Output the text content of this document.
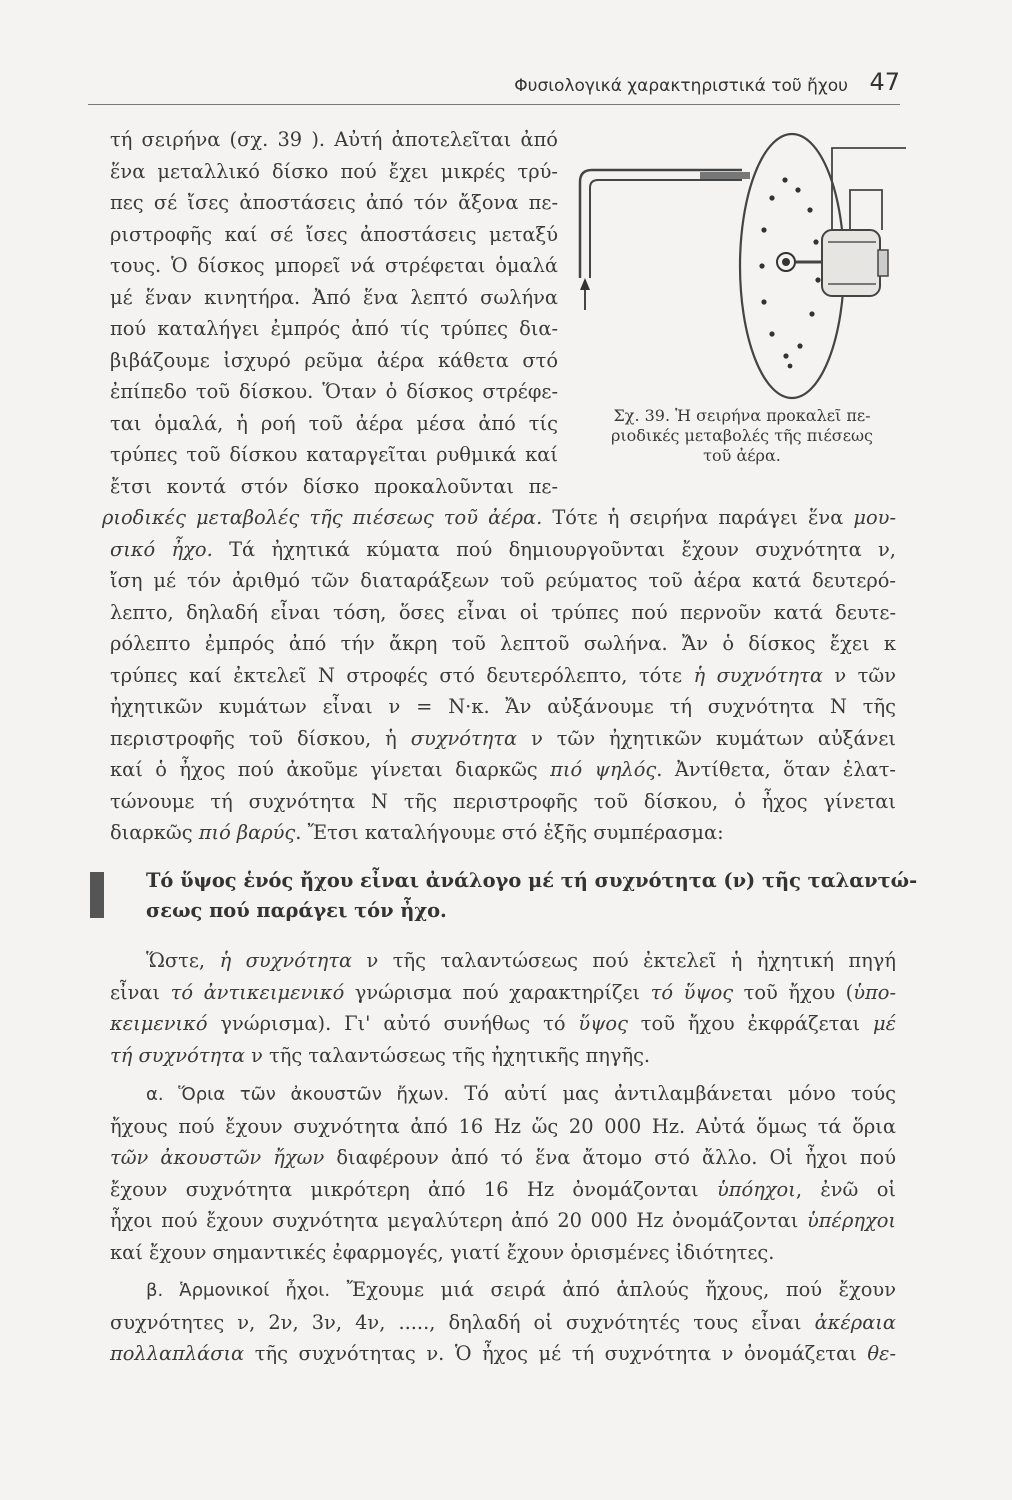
Φυσιολογικά χαρακτηριστικά τοῦ ἤχου 47
τή σειρήνα (σχ. 39 ). Αὐτή ἀποτελεῖται ἀπό
ἕνα μεταλλικό δίσκο πού ἔχει μικρές τρύ-
πες σέ ἴσες ἀποστάσεις ἀπό τόν ἄξονα πε-
ριστροφῆς καί σέ ἴσες ἀποστάσεις μεταξύ
τους. Ὁ δίσκος μπορεῖ νά στρέφεται ὁμαλά
μέ ἕναν κινητήρα. Ἀπό ἕνα λεπτό σωλήνα
πού καταλήγει ἐμπρός ἀπό τίς τρύπες δια-
βιβάζουμε ἰσχυρό ρεῦμα ἀέρα κάθετα στό
ἐπίπεδο τοῦ δίσκου. Ὅταν ὁ δίσκος στρέφε-
ται ὁμαλά, ἡ ροή τοῦ ἀέρα μέσα ἀπό τίς
τρύπες τοῦ δίσκου καταργεῖται ρυθμικά καί
ἔτσι κοντά στόν δίσκο προκαλοῦνται πε-
Σχ. 39. Ἡ σειρήνα προκαλεῖ πε-
ριοδικές μεταβολές τῆς πιέσεως
τοῦ ἀέρα.
ριοδικές μεταβολές τῆς πιέσεως τοῦ ἀέρα. Τότε ἡ σειρήνα παράγει ἕνα μου-
σικό ἦχο. Τά ἠχητικά κύματα πού δημιουργοῦνται ἔχουν συχνότητα ν,
ἴση μέ τόν ἀριθμό τῶν διαταράξεων τοῦ ρεύματος τοῦ ἀέρα κατά δευτερό-
λεπτο, δηλαδή εἶναι τόση, ὅσες εἶναι οἱ τρύπες πού περνοῦν κατά δευτε-
ρόλεπτο ἐμπρός ἀπό τήν ἄκρη τοῦ λεπτοῦ σωλήνα. Ἄν ὁ δίσκος ἔχει κ
τρύπες καί ἐκτελεῖ N στροφές στό δευτερόλεπτο, τότε ἡ συχνότητα ν τῶν
ἠχητικῶν κυμάτων εἶναι ν = N·κ. Ἄν αὐξάνουμε τή συχνότητα N τῆς
περιστροφῆς τοῦ δίσκου, ἡ συχνότητα ν τῶν ἠχητικῶν κυμάτων αὐξάνει
καί ὁ ἦχος πού ἀκοῦμε γίνεται διαρκῶς πιό ψηλός. Ἀντίθετα, ὅταν ἐλατ-
τώνουμε τή συχνότητα N τῆς περιστροφῆς τοῦ δίσκου, ὁ ἦχος γίνεται
διαρκῶς πιό βαρύς. Ἔτσι καταλήγουμε στό ἑξῆς συμπέρασμα:
Τό ὕψος ἑνός ἤχου εἶναι ἀνάλογο μέ τή συχνότητα (ν) τῆς ταλαντώ-
σεως πού παράγει τόν ἦχο.
Ὥστε, ἡ συχνότητα ν τῆς ταλαντώσεως πού ἐκτελεῖ ἡ ἠχητική πηγή
εἶναι τό ἀντικειμενικό γνώρισμα πού χαρακτηρίζει τό ὕψος τοῦ ἤχου (ὑπο-
κειμενικό γνώρισμα). Γι' αὐτό συνήθως τό ὕψος τοῦ ἤχου ἐκφράζεται μέ
τή συχνότητα ν τῆς ταλαντώσεως τῆς ἠχητικῆς πηγῆς.
α. Ὅρια τῶν ἀκουστῶν ἤχων. Τό αὐτί μας ἀντιλαμβάνεται μόνο τούς
ἤχους πού ἔχουν συχνότητα ἀπό 16 Hz ὥς 20 000 Hz. Αὐτά ὅμως τά ὅρια
τῶν ἀκουστῶν ἤχων διαφέρουν ἀπό τό ἕνα ἄτομο στό ἄλλο. Οἱ ἦχοι πού
ἔχουν συχνότητα μικρότερη ἀπό 16 Hz ὀνομάζονται ὑπόηχοι, ἐνῶ οἱ
ἦχοι πού ἔχουν συχνότητα μεγαλύτερη ἀπό 20 000 Hz ὀνομάζονται ὑπέρηχοι
καί ἔχουν σημαντικές ἐφαρμογές, γιατί ἔχουν ὁρισμένες ἰδιότητες.
β. Ἁρμονικοί ἦχοι. Ἔχουμε μιά σειρά ἀπό ἁπλούς ἤχους, πού ἔχουν
συχνότητες ν, 2ν, 3ν, 4ν, ....., δηλαδή οἱ συχνότητές τους εἶναι ἀκέραια
πολλαπλάσια τῆς συχνότητας ν. Ὁ ἦχος μέ τή συχνότητα ν ὀνομάζεται θε-
